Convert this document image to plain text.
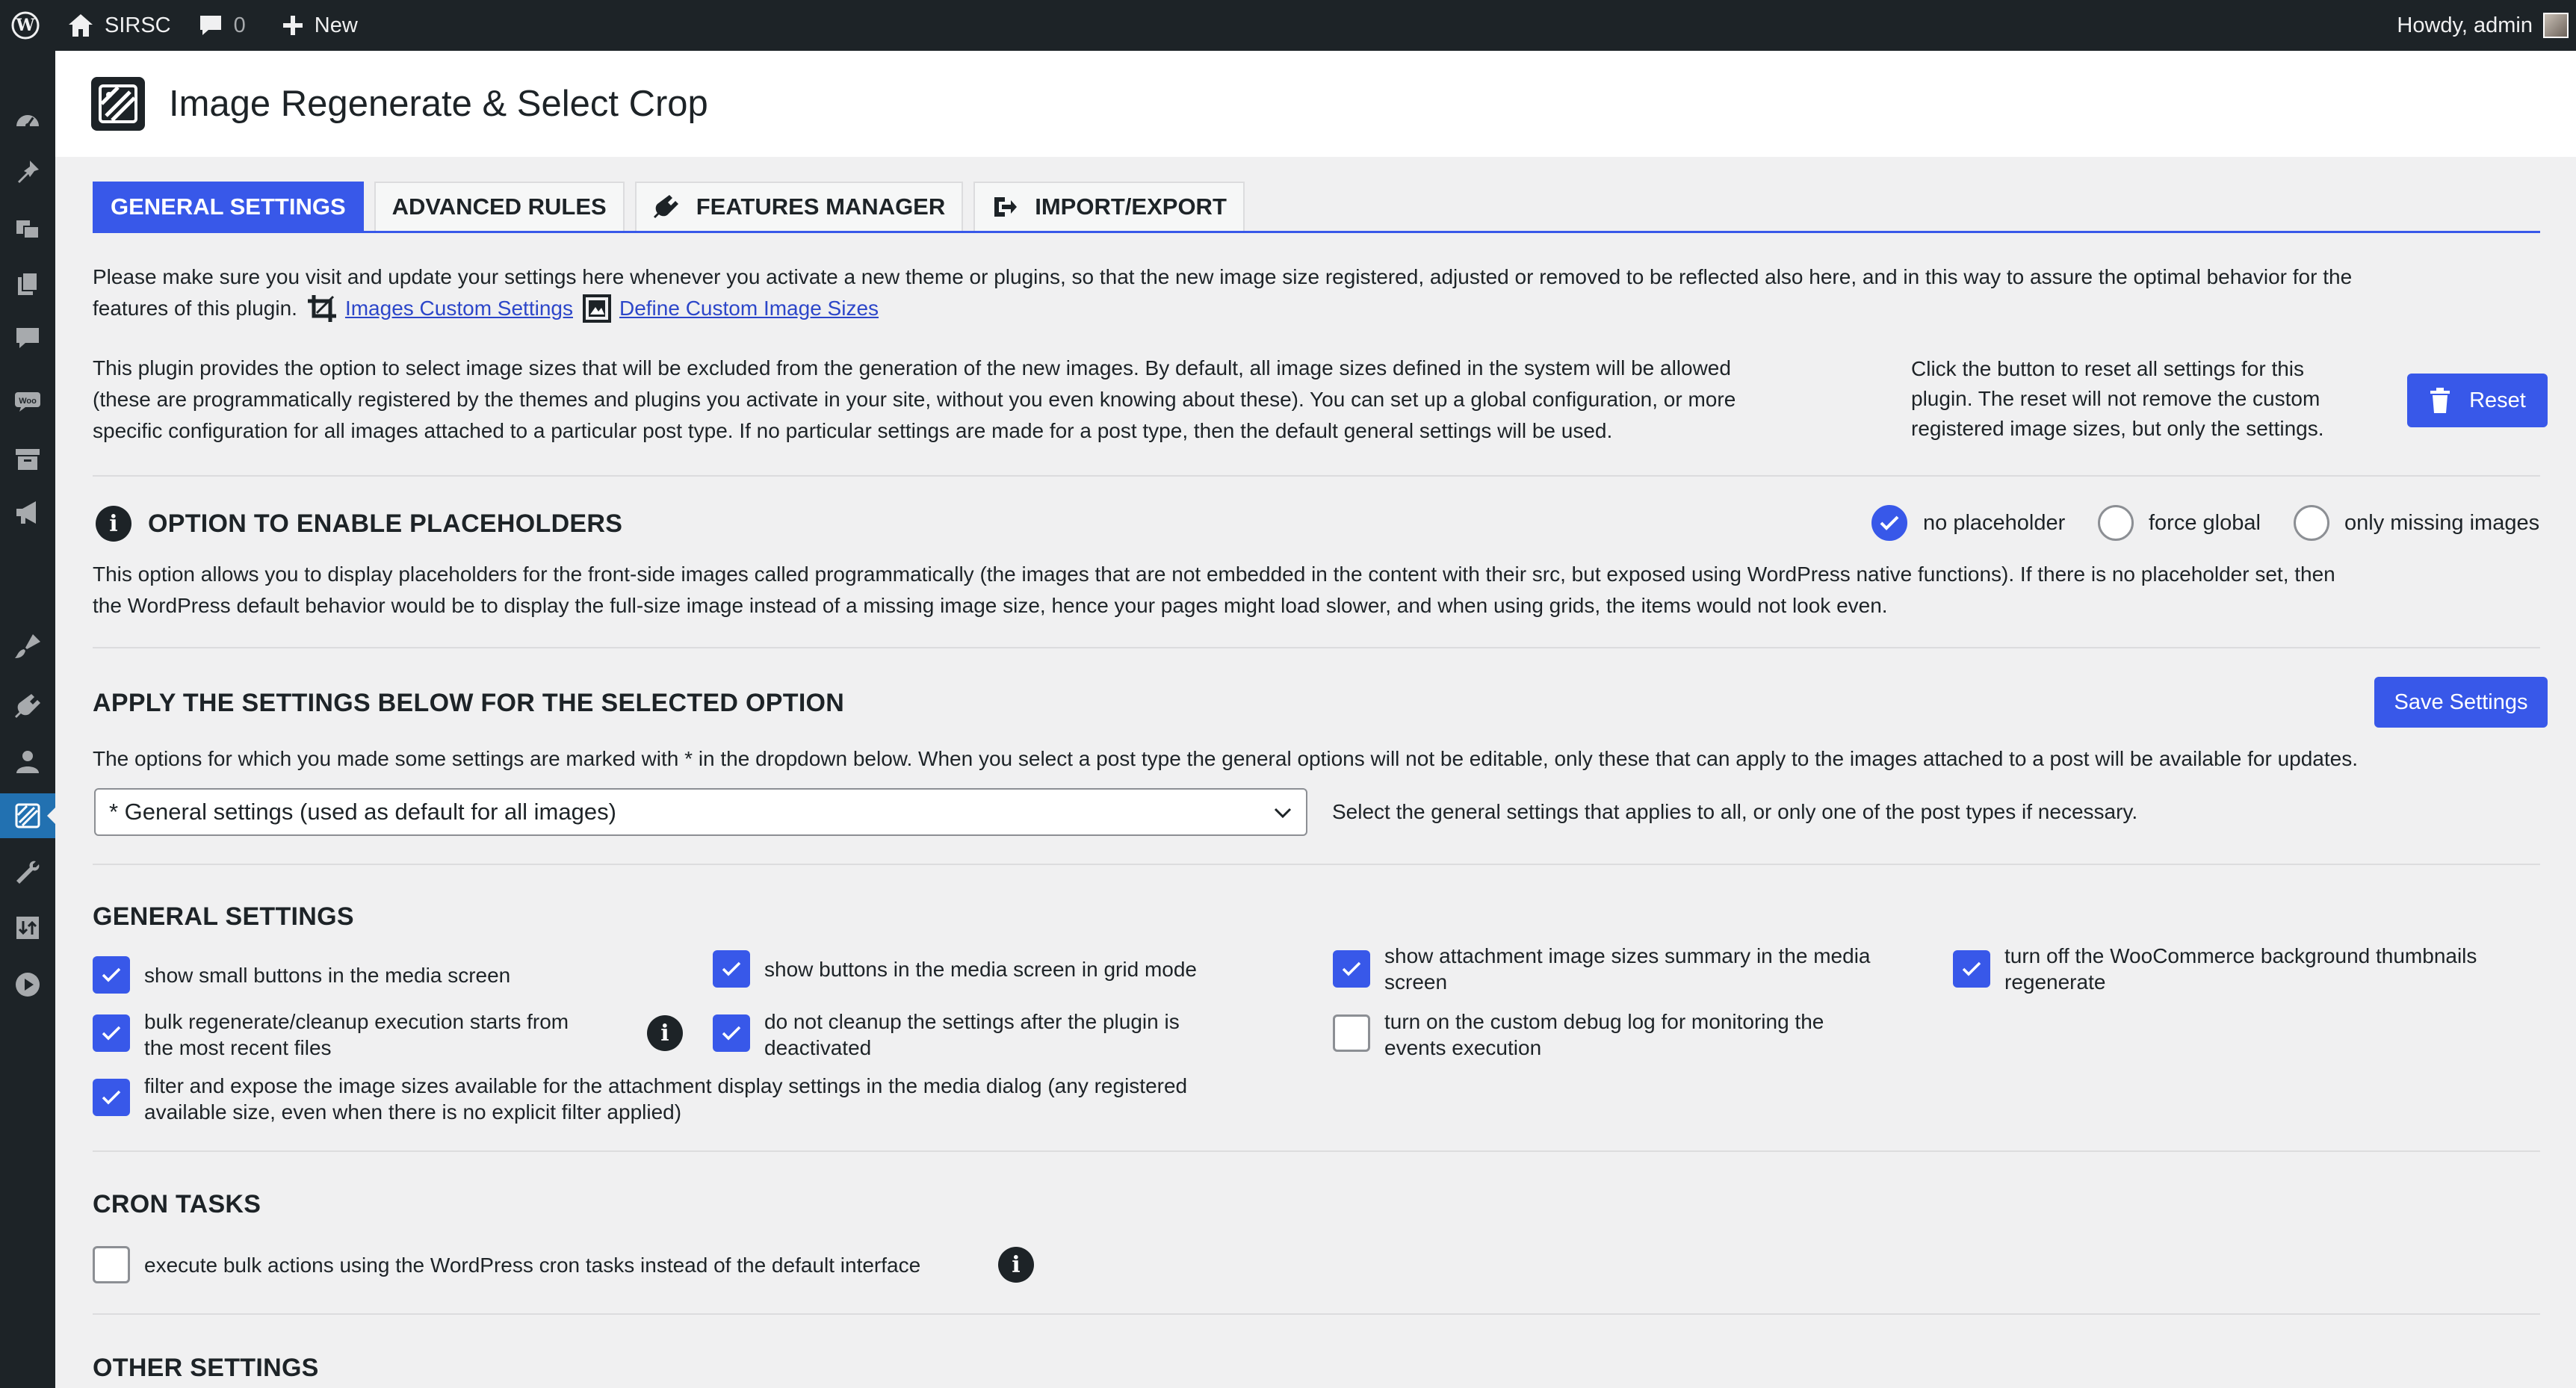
W	SIRSC	0	New	Howdy, admin
Woo
Image Regenerate & Select Crop
GENERAL SETTINGS ADVANCED RULES	FEATURES MANAGER	IMPORT/EXPORT
Please make sure you visit and update your settings here whenever you activate a new theme or plugins, so that the new image size registered, adjusted or removed to be reflected also here, and in this way to assure the optimal behavior for the
features of this plugin. Images Custom Settings Define Custom Image Sizes
This plugin provides the option to select image sizes that will be excluded from the generation of the new images. By default, all image sizes defined in the system will be allowed
(these are programmatically registered by the themes and plugins you activate in your site, without you even knowing about these). You can set up a global configuration, or more
specific configuration for all images attached to a particular post type. If no particular settings are made for a post type, then the default general settings will be used.
Click the button to reset all settings for this
plugin. The reset will not remove the custom
registered image sizes, but only the settings.
Reset
i	OPTION TO ENABLE PLACEHOLDERS	no placeholder	force global	only missing images
This option allows you to display placeholders for the front-side images called programmatically (the images that are not embedded in the content with their src, but exposed using WordPress native functions). If there is no placeholder set, then
the WordPress default behavior would be to display the full-size image instead of a missing image size, hence your pages might load slower, and when using grids, the items would not look even.
APPLY THE SETTINGS BELOW FOR THE SELECTED OPTION	Save Settings
The options for which you made some settings are marked with * in the dropdown below. When you select a post type the general options will not be editable, only these that can apply to the images attached to a post will be available for updates.
* General settings (used as default for all images)	Select the general settings that applies to all, or only one of the post types if necessary.
GENERAL SETTINGS
show small buttons in the media screen	show buttons in the media screen in grid mode
show attachment image sizes summary in the media
screen
turn off the WooCommerce background thumbnails
regenerate
bulk regenerate/cleanup execution starts from
the most recent files
i	do not cleanup the settings after the plugin is
deactivated
turn on the custom debug log for monitoring the
events execution
filter and expose the image sizes available for the attachment display settings in the media dialog (any registered
available size, even when there is no explicit filter applied)
CRON TASKS
execute bulk actions using the WordPress cron tasks instead of the default interface	i
OTHER SETTINGS
